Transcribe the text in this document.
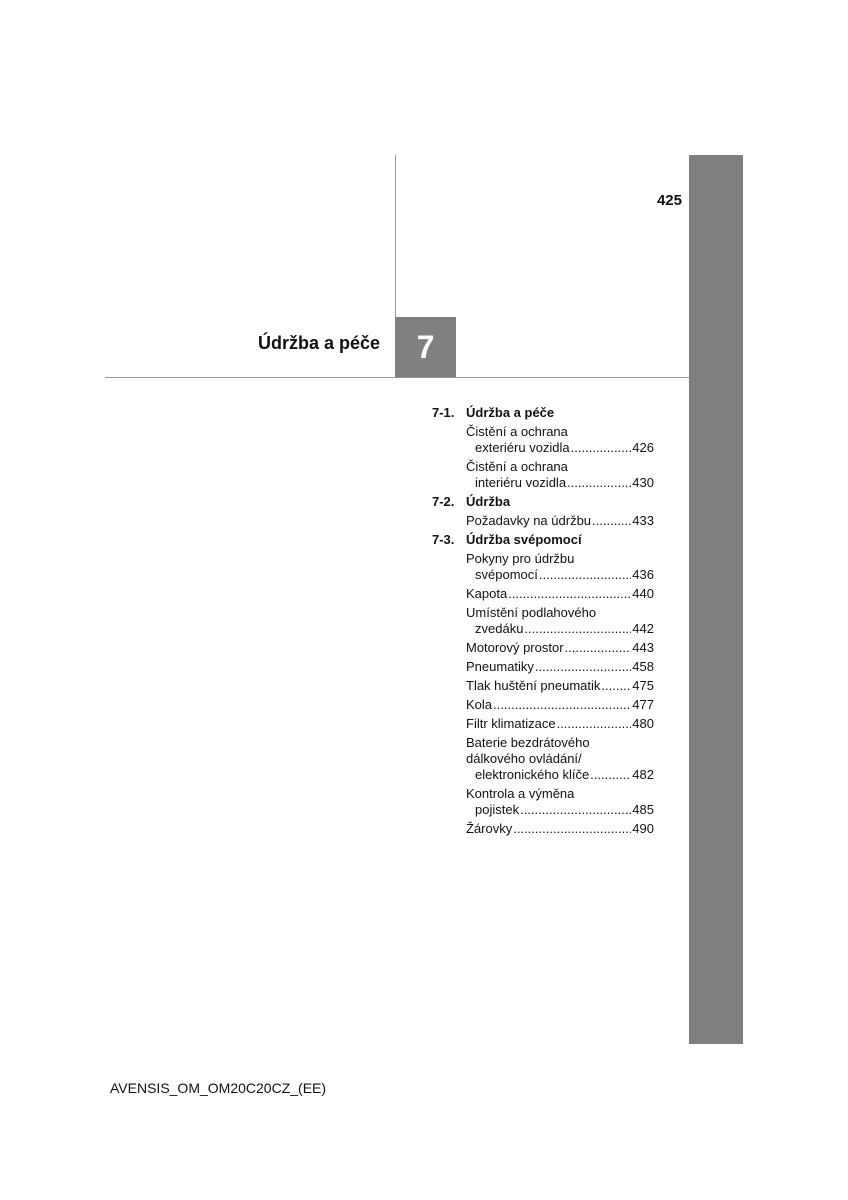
425
Údržba a péče 7
7-1. Údržba a péče
Čistění a ochrana
exteriéru vozidla .....	426
Čistění a ochrana
interiéru vozidla .....	430
7-2. Údržba
Požadavky na údržbu .....	433
7-3. Údržba svépomocí
Pokyny pro údržbu
svépomocí .....	436
Kapota .....	440
Umístění podlahového
zvedáku .....	442
Motorový prostor .....	443
Pneumatiky .....	458
Tlak huštění pneumatik ..... 475
Kola .....	477
Filtr klimatizace .....	480
Baterie bezdrátového
dálkového ovládání/
elektronického klíče .....	482
Kontrola a výměna
pojistek .....	485
Žárovky .....	490
AVENSIS_OM_OM20C20CZ_(EE)
